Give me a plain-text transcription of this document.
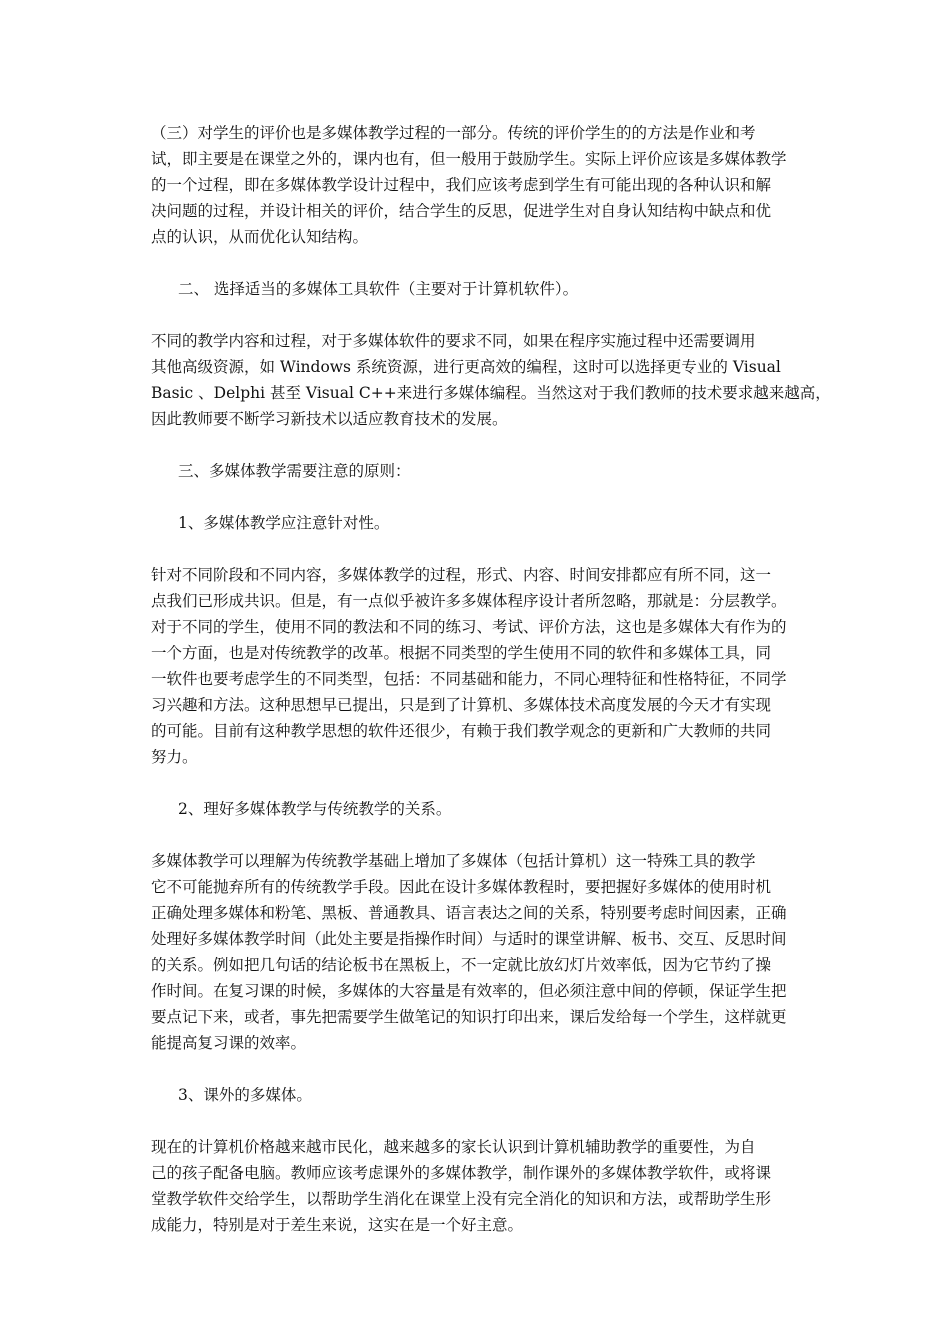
（三）对学生的评价也是多媒体教学过程的一部分。传统的评价学生的的方法是作业和考
试，即主要是在课堂之外的，课内也有，但一般用于鼓励学生。实际上评价应该是多媒体教学
的一个过程，即在多媒体教学设计过程中，我们应该考虑到学生有可能出现的各种认识和解
决问题的过程，并设计相关的评价，结合学生的反思，促进学生对自身认知结构中缺点和优
点的认识，从而优化认知结构。
二、 选择适当的多媒体工具软件（主要对于计算机软件）。
不同的教学内容和过程，对于多媒体软件的要求不同，如果在程序实施过程中还需要调用
其他高级资源，如 Windows 系统资源，进行更高效的编程，这时可以选择更专业的 Visual
Basic 、Delphi 甚至 Visual C++来进行多媒体编程。当然这对于我们教师的技术要求越来越高，
因此教师要不断学习新技术以适应教育技术的发展。
三、多媒体教学需要注意的原则：
1、多媒体教学应注意针对性。
针对不同阶段和不同内容，多媒体教学的过程，形式、内容、时间安排都应有所不同，这一
点我们已形成共识。但是，有一点似乎被许多多媒体程序设计者所忽略，那就是：分层教学。
对于不同的学生，使用不同的教法和不同的练习、考试、评价方法，这也是多媒体大有作为的
一个方面，也是对传统教学的改革。根据不同类型的学生使用不同的软件和多媒体工具，同
一软件也要考虑学生的不同类型，包括：不同基础和能力，不同心理特征和性格特征，不同学
习兴趣和方法。这种思想早已提出，只是到了计算机、多媒体技术高度发展的今天才有实现
的可能。目前有这种教学思想的软件还很少，有赖于我们教学观念的更新和广大教师的共同
努力。
2、理好多媒体教学与传统教学的关系。
多媒体教学可以理解为传统教学基础上增加了多媒体（包括计算机）这一特殊工具的教学
它不可能抛弃所有的传统教学手段。因此在设计多媒体教程时，要把握好多媒体的使用时机
正确处理多媒体和粉笔、黑板、普通教具、语言表达之间的关系，特别要考虑时间因素，正确
处理好多媒体教学时间（此处主要是指操作时间）与适时的课堂讲解、板书、交互、反思时间
的关系。例如把几句话的结论板书在黑板上，不一定就比放幻灯片效率低，因为它节约了操
作时间。在复习课的时候，多媒体的大容量是有效率的，但必须注意中间的停顿，保证学生把
要点记下来，或者，事先把需要学生做笔记的知识打印出来，课后发给每一个学生，这样就更
能提高复习课的效率。
3、课外的多媒体。
现在的计算机价格越来越市民化，越来越多的家长认识到计算机辅助教学的重要性，为自
己的孩子配备电脑。教师应该考虑课外的多媒体教学，制作课外的多媒体教学软件，或将课
堂教学软件交给学生，以帮助学生消化在课堂上没有完全消化的知识和方法，或帮助学生形
成能力，特别是对于差生来说，这实在是一个好主意。
